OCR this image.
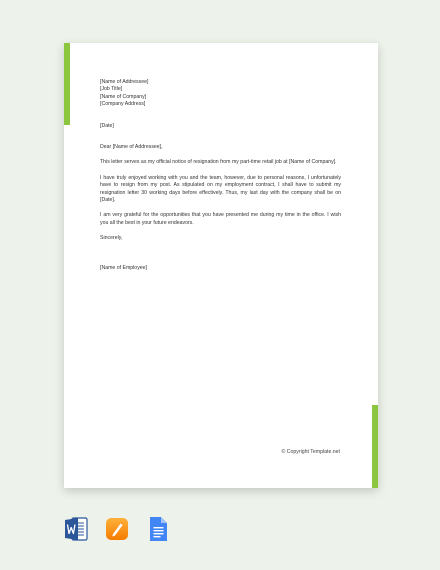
[Name of Addressee]

[Job Title]

[Name of Company]

[Company Address]

[Date]

Dear [Name of Addressee],

This letter serves as my official notice of resignation from my part-time retail job at [Name of Company].

I have truly enjoyed working with you and the team, however, due to personal reasons, I unfortunately have to resign from my post. As stipulated on my employment contract, I shall have to submit my resignation letter 30 working days before effectively. Thus, my last day with the company shall be on [Date].

I am very grateful for the opportunities that you have presented me during my time in the office. I wish you all the best in your future endeavors.

Sincerely,

[Name of Employee]

© Copyright Template.net
